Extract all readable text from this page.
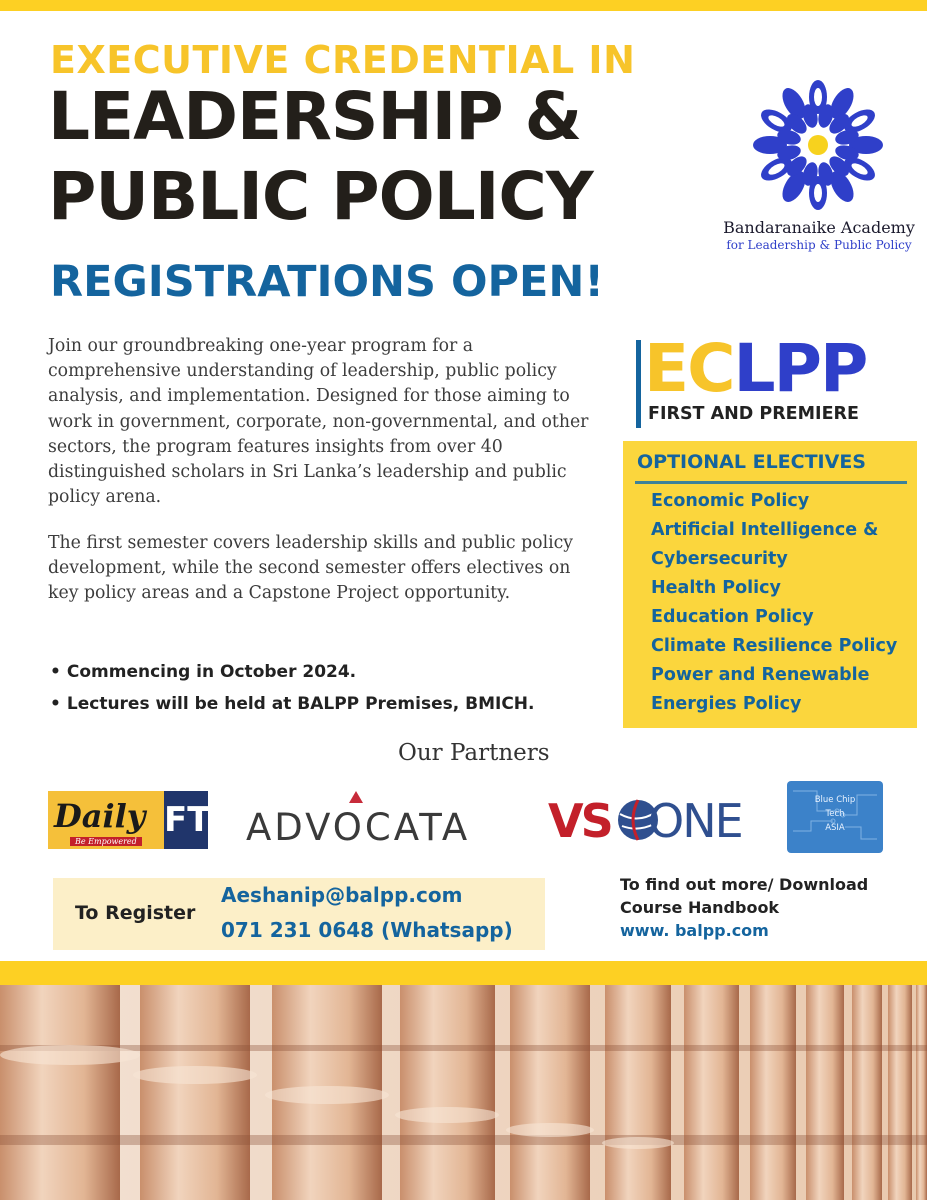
EXECUTIVE CREDENTIAL IN
LEADERSHIP &
PUBLIC POLICY
REGISTRATIONS OPEN!
Bandaranaike Academy
for Leadership & Public Policy

Join our groundbreaking one-year program for a comprehensive understanding of leadership, public policy analysis, and implementation. Designed for those aiming to work in government, corporate, non-governmental, and other sectors, the program features insights from over 40 distinguished scholars in Sri Lanka’s leadership and public policy arena.

The first semester covers leadership skills and public policy development, while the second semester offers electives on key policy areas and a Capstone Project opportunity.

• Commencing in October 2024.
• Lectures will be held at BALPP Premises, BMICH.
ECLPP
FIRST AND PREMIERE
OPTIONAL ELECTIVES
Economic Policy
Artificial Intelligence &
Cybersecurity
Health Policy
Education Policy
Climate Resilience Policy
Power and Renewable
Energies Policy
Our Partners
Daily
Be Empowered
FT ADVOCATA VS ONE	Blue Chip
Tech
ASIA
To Register
Aeshanip@balpp.com
071 231 0648 (Whatsapp)
To find out more/ Download
Course Handbook
www. balpp.com
